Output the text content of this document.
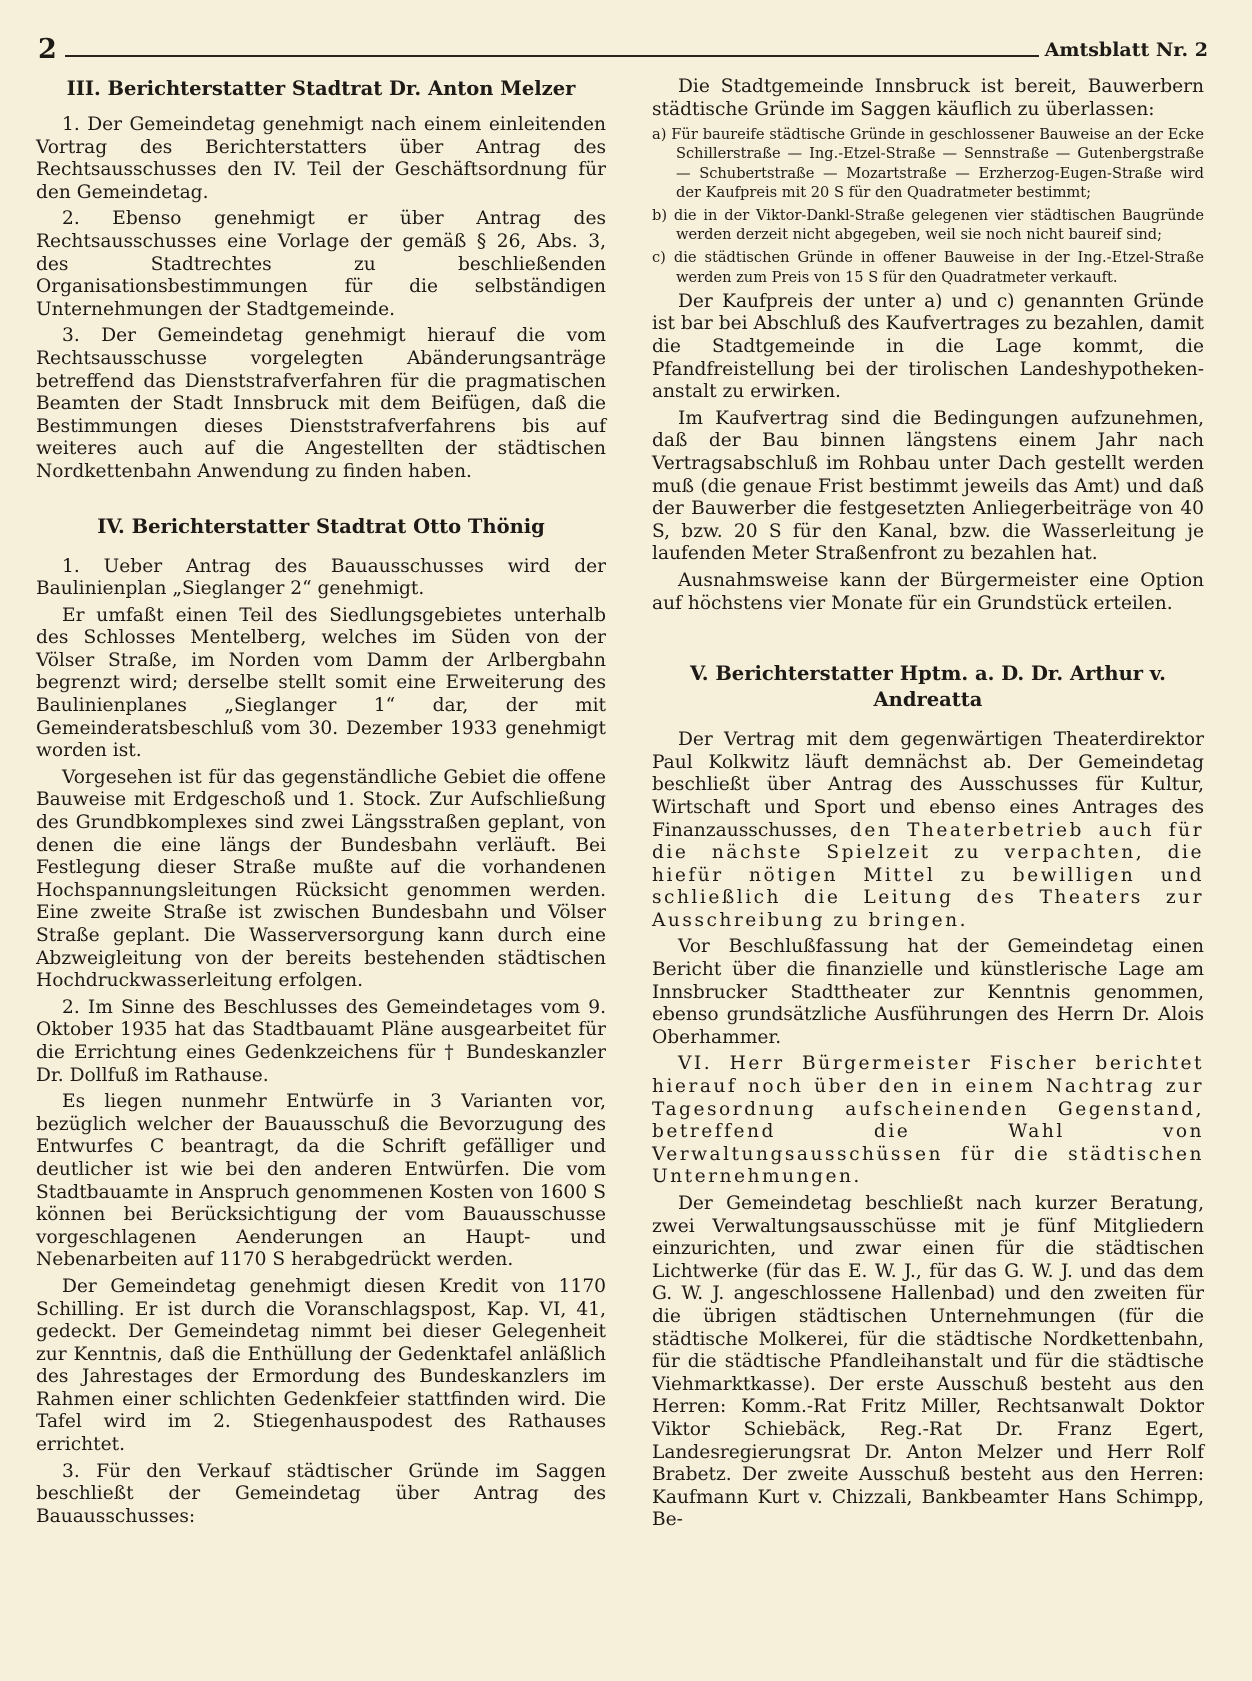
2	Amtsblatt Nr. 2
III. Berichterstatter Stadtrat Dr. Anton Melzer

1. Der Gemeindetag genehmigt nach einem einleitenden Vortrag des Berichterstatters über Antrag des Rechtsausschusses den IV. Teil der Geschäftsordnung für den Gemeindetag.

2. Ebenso genehmigt er über Antrag des Rechtsausschusses eine Vorlage der gemäß § 26, Abs. 3, des Stadtrechtes zu beschließenden Organisationsbestimmungen für die selbständigen Unternehmungen der Stadtgemeinde.

3. Der Gemeindetag genehmigt hierauf die vom Rechtsausschusse vorgelegten Abänderungsanträge betreffend das Dienststrafverfahren für die pragmatischen Beamten der Stadt Innsbruck mit dem Beifügen, daß die Bestimmungen dieses Dienststrafverfahrens bis auf weiteres auch auf die Angestellten der städtischen Nordkettenbahn Anwendung zu finden haben.

IV. Berichterstatter Stadtrat Otto Thönig

1. Ueber Antrag des Bauausschusses wird der Baulinienplan „Sieglanger 2“ genehmigt.

Er umfaßt einen Teil des Siedlungsgebietes unterhalb des Schlosses Mentelberg, welches im Süden von der Völser Straße, im Norden vom Damm der Arlbergbahn begrenzt wird; derselbe stellt somit eine Erweiterung des Baulinienplanes „Sieglanger 1“ dar, der mit Gemeinderatsbeschluß vom 30. Dezember 1933 genehmigt worden ist.

Vorgesehen ist für das gegenständliche Gebiet die offene Bauweise mit Erdgeschoß und 1. Stock. Zur Aufschließung des Grundbkomplexes sind zwei Längsstraßen geplant, von denen die eine längs der Bundesbahn verläuft. Bei Festlegung dieser Straße mußte auf die vorhandenen Hochspannungsleitungen Rücksicht genommen werden. Eine zweite Straße ist zwischen Bundesbahn und Völser Straße geplant. Die Wasserversorgung kann durch eine Abzweigleitung von der bereits bestehenden städtischen Hochdruckwasserleitung erfolgen.

2. Im Sinne des Beschlusses des Gemeindetages vom 9. Oktober 1935 hat das Stadtbauamt Pläne ausgearbeitet für die Errichtung eines Gedenkzeichens für † Bundeskanzler Dr. Dollfuß im Rathause.

Es liegen nunmehr Entwürfe in 3 Varianten vor, bezüglich welcher der Bauausschuß die Bevorzugung des Entwurfes C beantragt, da die Schrift gefälliger und deutlicher ist wie bei den anderen Entwürfen. Die vom Stadtbauamte in Anspruch genommenen Kosten von 1600 S können bei Berücksichtigung der vom Bauausschusse vorgeschlagenen Aenderungen an Haupt- und Nebenarbeiten auf 1170 S herabgedrückt werden.

Der Gemeindetag genehmigt diesen Kredit von 1170 Schilling. Er ist durch die Voranschlagspost, Kap. VI, 41, gedeckt. Der Gemeindetag nimmt bei dieser Gelegenheit zur Kenntnis, daß die Enthüllung der Gedenktafel anläßlich des Jahrestages der Ermordung des Bundeskanzlers im Rahmen einer schlichten Gedenkfeier stattfinden wird. Die Tafel wird im 2. Stiegenhauspodest des Rathauses errichtet.

3. Für den Verkauf städtischer Gründe im Saggen beschließt der Gemeindetag über Antrag des Bauausschusses:

Die Stadtgemeinde Innsbruck ist bereit, Bauwerbern städtische Gründe im Saggen käuflich zu überlassen:

a) Für baureife städtische Gründe in geschlossener Bauweise an der Ecke Schillerstraße — Ing.-Etzel-Straße — Sennstraße — Gutenbergstraße — Schubertstraße — Mozartstraße — Erzherzog-Eugen-Straße wird der Kaufpreis mit 20 S für den Quadratmeter bestimmt;

b) die in der Viktor-Dankl-Straße gelegenen vier städtischen Baugründe werden derzeit nicht abgegeben, weil sie noch nicht baureif sind;

c) die städtischen Gründe in offener Bauweise in der Ing.-Etzel-Straße werden zum Preis von 15 S für den Quadratmeter verkauft.

Der Kaufpreis der unter a) und c) genannten Gründe ist bar bei Abschluß des Kaufvertrages zu bezahlen, damit die Stadtgemeinde in die Lage kommt, die Pfandfreistellung bei der tirolischen Landeshypotheken-anstalt zu erwirken.

Im Kaufvertrag sind die Bedingungen aufzunehmen, daß der Bau binnen längstens einem Jahr nach Vertragsabschluß im Rohbau unter Dach gestellt werden muß (die genaue Frist bestimmt jeweils das Amt) und daß der Bauwerber die festgesetzten Anliegerbeiträge von 40 S, bzw. 20 S für den Kanal, bzw. die Wasserleitung je laufenden Meter Straßenfront zu bezahlen hat.

Ausnahmsweise kann der Bürgermeister eine Option auf höchstens vier Monate für ein Grundstück erteilen.

V. Berichterstatter Hptm. a. D. Dr. Arthur v. Andreatta

Der Vertrag mit dem gegenwärtigen Theaterdirektor Paul Kolkwitz läuft demnächst ab. Der Gemeindetag beschließt über Antrag des Ausschusses für Kultur, Wirtschaft und Sport und ebenso eines Antrages des Finanzausschusses, den Theaterbetrieb auch für die nächste Spielzeit zu verpachten, die hiefür nötigen Mittel zu bewilligen und schließlich die Leitung des Theaters zur Ausschreibung zu bringen.

Vor Beschlußfassung hat der Gemeindetag einen Bericht über die finanzielle und künstlerische Lage am Innsbrucker Stadttheater zur Kenntnis genommen, ebenso grundsätzliche Ausführungen des Herrn Dr. Alois Oberhammer.

VI. Herr Bürgermeister Fischer berichtet hierauf noch über den in einem Nachtrag zur Tagesordnung aufscheinenden Gegenstand, betreffend die Wahl von Verwaltungsausschüssen für die städtischen Unternehmungen.

Der Gemeindetag beschließt nach kurzer Beratung, zwei Verwaltungsausschüsse mit je fünf Mitgliedern einzurichten, und zwar einen für die städtischen Lichtwerke (für das E. W. J., für das G. W. J. und das dem G. W. J. angeschlossene Hallenbad) und den zweiten für die übrigen städtischen Unternehmungen (für die städtische Molkerei, für die städtische Nordkettenbahn, für die städtische Pfandleihanstalt und für die städtische Viehmarktkasse). Der erste Ausschuß besteht aus den Herren: Komm.-Rat Fritz Miller, Rechtsanwalt Doktor Viktor Schiebäck, Reg.-Rat Dr. Franz Egert, Landesregierungsrat Dr. Anton Melzer und Herr Rolf Brabetz. Der zweite Ausschuß besteht aus den Herren: Kaufmann Kurt v. Chizzali, Bankbeamter Hans Schimpp, Be-
